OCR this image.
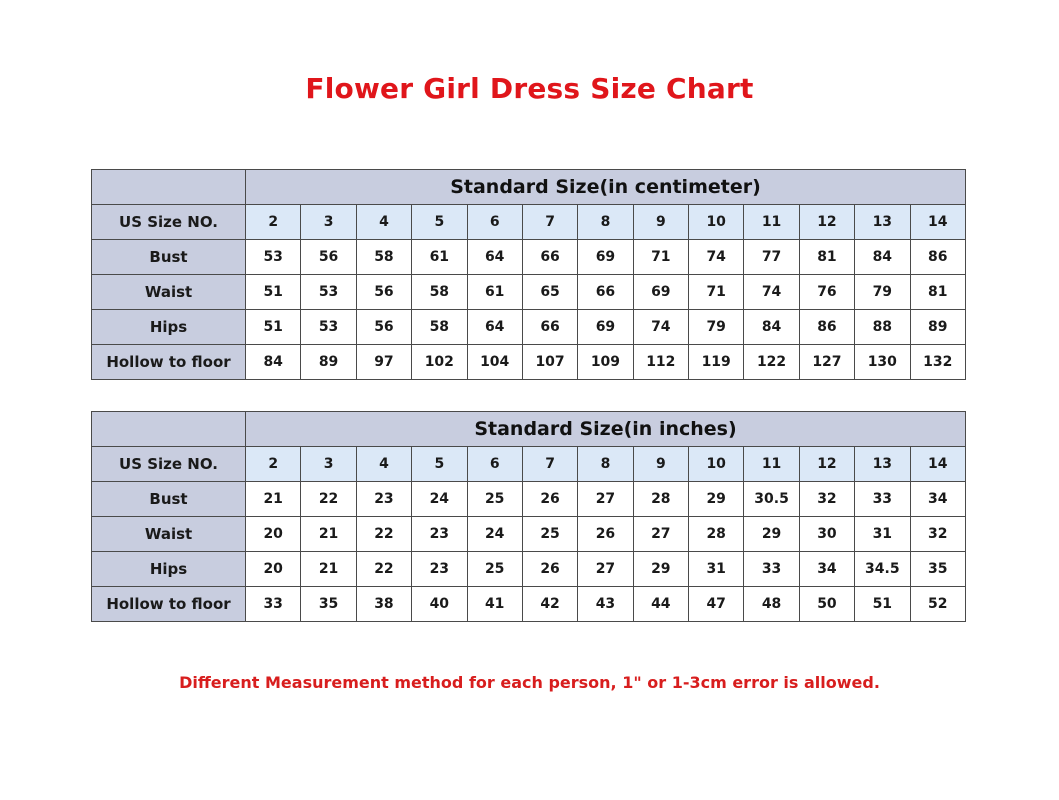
Flower Girl Dress Size Chart
	Standard Size(in centimeter)												
US Size NO.	2	3	4	5	6	7	8	9	10	11	12	13	14
Bust	53	56	58	61	64	66	69	71	74	77	81	84	86
Waist	51	53	56	58	61	65	66	69	71	74	76	79	81
Hips	51	53	56	58	64	66	69	74	79	84	86	88	89
Hollow to floor	84	89	97	102	104	107	109	112	119	122	127	130	132
	Standard Size(in inches)												
US Size NO.	2	3	4	5	6	7	8	9	10	11	12	13	14
Bust	21	22	23	24	25	26	27	28	29	30.5	32	33	34
Waist	20	21	22	23	24	25	26	27	28	29	30	31	32
Hips	20	21	22	23	25	26	27	29	31	33	34	34.5	35
Hollow to floor	33	35	38	40	41	42	43	44	47	48	50	51	52
Different Measurement method for each person, 1" or 1-3cm error is allowed.
